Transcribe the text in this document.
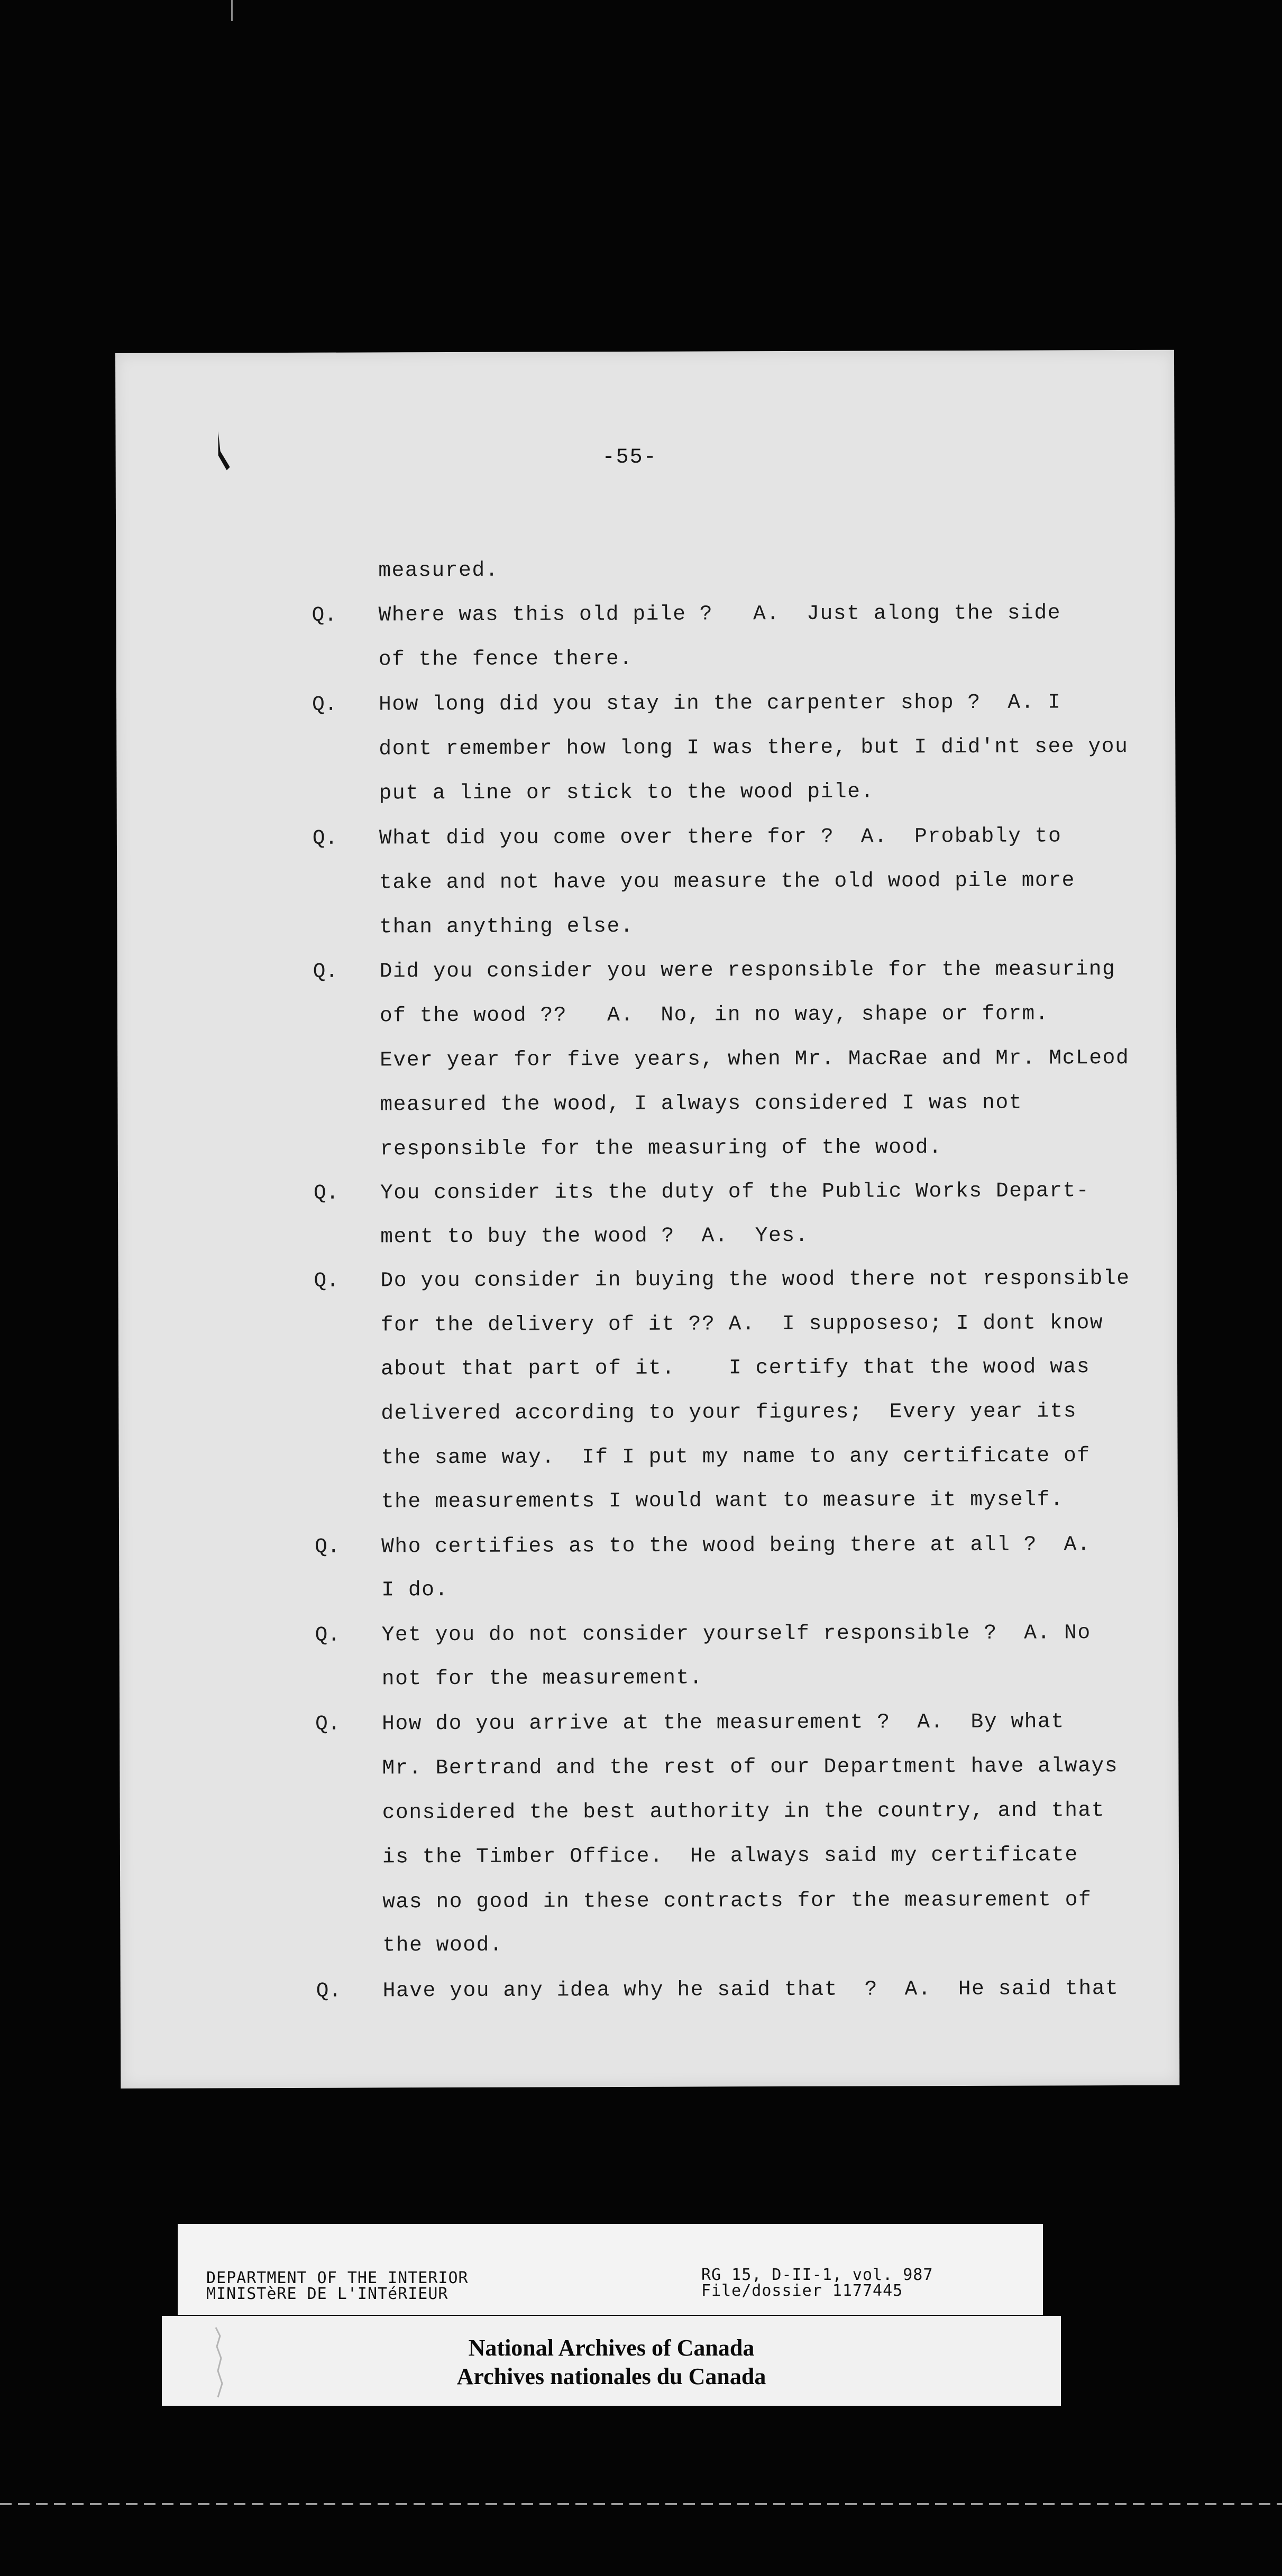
-55-
measured.
Q. Where was this old pile ?   A.  Just along the side
of the fence there.
Q. How long did you stay in the carpenter shop ?  A. I
dont remember how long I was there, but I did'nt see you
put a line or stick to the wood pile.
Q. What did you come over there for ?  A.  Probably to
take and not have you measure the old wood pile more
than anything else.
Q. Did you consider you were responsible for the measuring
of the wood ??   A.  No, in no way, shape or form.
Ever year for five years, when Mr. MacRae and Mr. McLeod
measured the wood, I always considered I was not
responsible for the measuring of the wood.
Q. You consider its the duty of the Public Works Depart-
ment to buy the wood ?  A.  Yes.
Q. Do you consider in buying the wood there not responsible
for the delivery of it ?? A.  I supposeso; I dont know
about that part of it.    I certify that the wood was
delivered according to your figures;  Every year its
the same way.  If I put my name to any certificate of
the measurements I would want to measure it myself.
Q. Who certifies as to the wood being there at all ?  A.
I do.
Q. Yet you do not consider yourself responsible ?  A. No
not for the measurement.
Q. How do you arrive at the measurement ?  A.  By what
Mr. Bertrand and the rest of our Department have always
considered the best authority in the country, and that
is the Timber Office.  He always said my certificate
was no good in these contracts for the measurement of
the wood.
Q. Have you any idea why he said that  ?  A.  He said that
DEPARTMENT OF THE INTERIOR
MINISTèRE DE L'INTéRIEUR
RG 15, D-II-1, vol. 987
File/dossier 1177445
National Archives of Canada
Archives nationales du Canada
